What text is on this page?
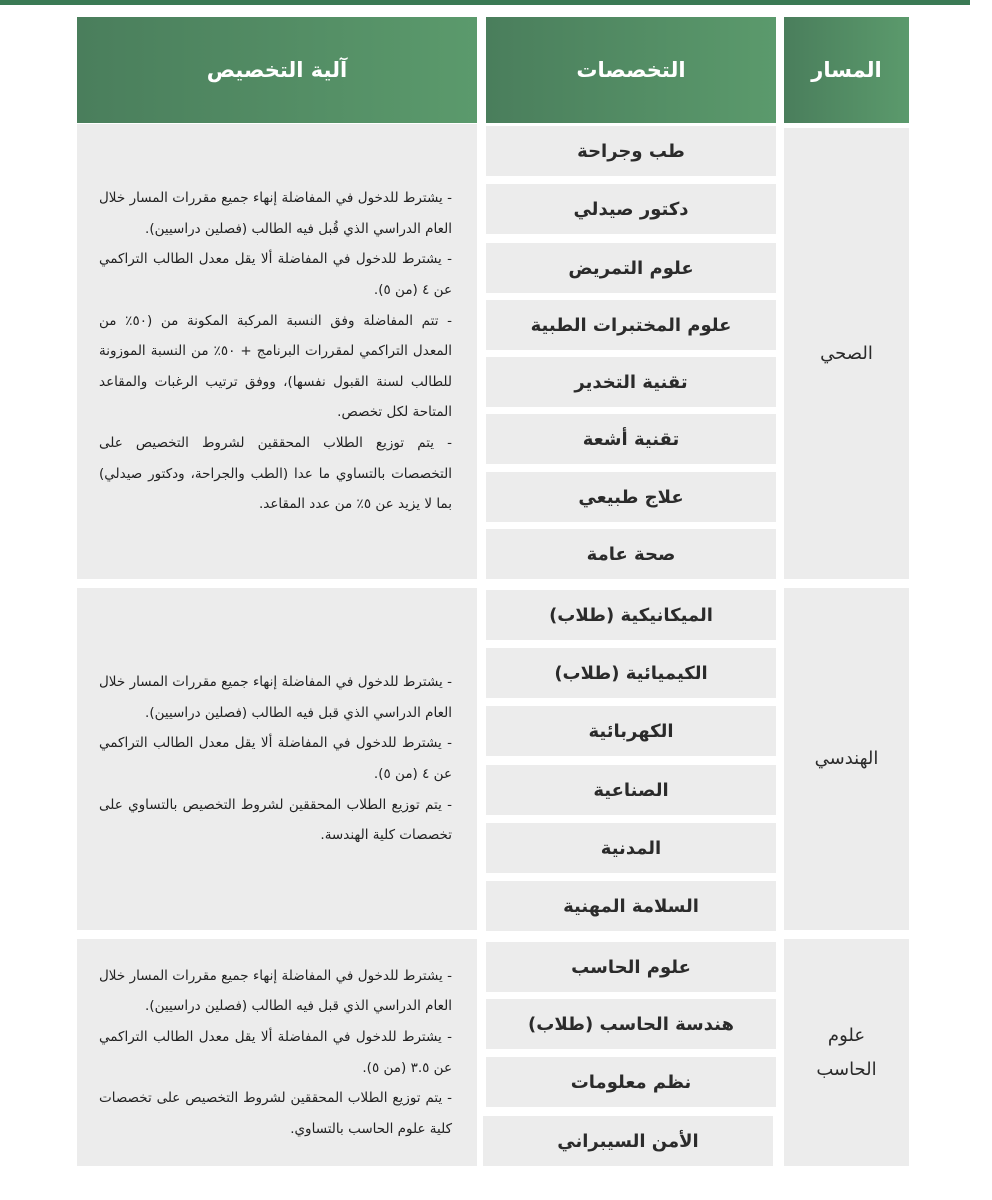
آلية التخصيص	التخصصات	المسار

- يشترط للدخول في المفاضلة إنهاء جميع مقررات المسار خلال العام الدراسي الذي قُبل فيه الطالب (فصلين دراسيين).

- يشترط للدخول في المفاضلة ألا يقل معدل الطالب التراكمي عن ٤ (من ٥).

- تتم المفاضلة وفق النسبة المركبة المكونة من (٥٠٪ من المعدل التراكمي لمقررات البرنامج + ٥٠٪ من النسبة الموزونة للطالب لسنة القبول نفسها)، ووفق ترتيب الرغبات والمقاعد المتاحة لكل تخصص.

- يتم توزيع الطلاب المحققين لشروط التخصيص على التخصصات بالتساوي ما عدا (الطب والجراحة، ودكتور صيدلي) بما لا يزيد عن ٥٪ من عدد المقاعد.

طب وجراحة
دكتور صيدلي
علوم التمريض
علوم المختبرات الطبية
تقنية التخدير
تقنية أشعة
علاج طبيعي
صحة عامة
الصحي

- يشترط للدخول في المفاضلة إنهاء جميع مقررات المسار خلال العام الدراسي الذي قبل فيه الطالب (فصلين دراسيين).

- يشترط للدخول في المفاضلة ألا يقل معدل الطالب التراكمي عن ٤ (من ٥).

- يتم توزيع الطلاب المحققين لشروط التخصيص بالتساوي على تخصصات كلية الهندسة.

الميكانيكية (طلاب)
الكيميائية (طلاب)
الكهربائية
الصناعية
المدنية
السلامة المهنية
الهندسي

- يشترط للدخول في المفاضلة إنهاء جميع مقررات المسار خلال العام الدراسي الذي قبل فيه الطالب (فصلين دراسيين).

- يشترط للدخول في المفاضلة ألا يقل معدل الطالب التراكمي عن ٣.٥ (من ٥).

- يتم توزيع الطلاب المحققين لشروط التخصيص على تخصصات كلية علوم الحاسب بالتساوي.

علوم الحاسب
هندسة الحاسب (طلاب)
نظم معلومات
الأمن السيبراني
علوم الحاسب
